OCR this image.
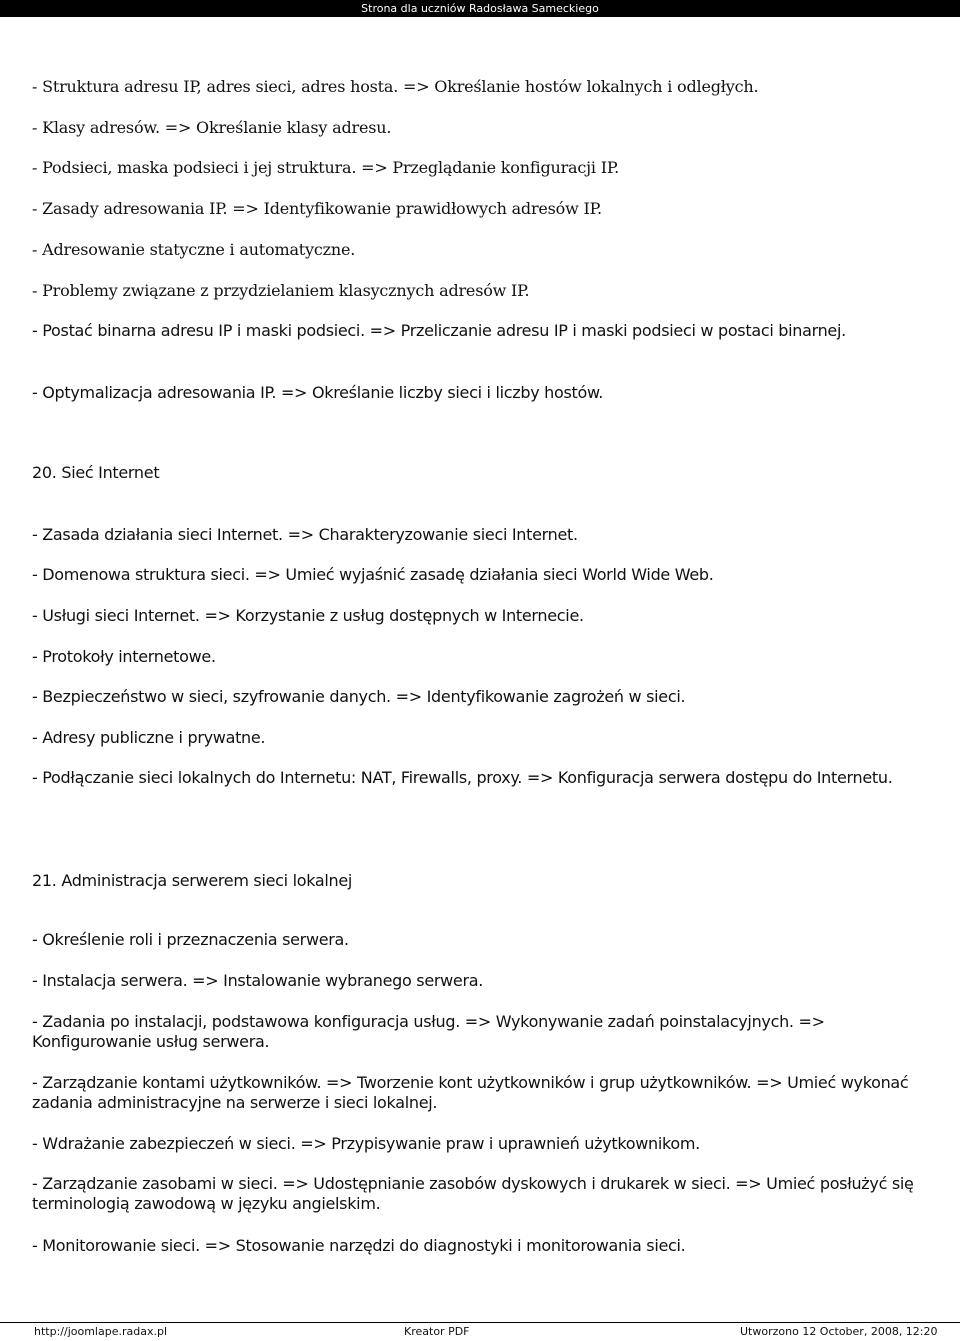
Strona dla uczniów Radosława Sameckiego
- Struktura adresu IP, adres sieci, adres hosta. => Określanie hostów lokalnych i odległych.
- Klasy adresów. => Określanie klasy adresu.
- Podsieci, maska podsieci i jej struktura. => Przeglądanie konfiguracji IP.
- Zasady adresowania IP. => Identyfikowanie prawidłowych adresów IP.
- Adresowanie statyczne i automatyczne.
- Problemy związane z przydzielaniem klasycznych adresów IP.
- Postać binarna adresu IP i maski podsieci. => Przeliczanie adresu IP i maski podsieci w postaci binarnej.
- Optymalizacja adresowania IP. => Określanie liczby sieci i liczby hostów.
20. Sieć Internet
- Zasada działania sieci Internet. => Charakteryzowanie sieci Internet.
- Domenowa struktura sieci. => Umieć wyjaśnić zasadę działania sieci World Wide Web.
- Usługi sieci Internet. => Korzystanie z usług dostępnych w Internecie.
- Protokoły internetowe.
- Bezpieczeństwo w sieci, szyfrowanie danych. => Identyfikowanie zagrożeń w sieci.
- Adresy publiczne i prywatne.
- Podłączanie sieci lokalnych do Internetu: NAT, Firewalls, proxy. => Konfiguracja serwera dostępu do Internetu.
21. Administracja serwerem sieci lokalnej
- Określenie roli i przeznaczenia serwera.
- Instalacja serwera. => Instalowanie wybranego serwera.
- Zadania po instalacji, podstawowa konfiguracja usług. => Wykonywanie zadań poinstalacyjnych. => Konfigurowanie usług serwera.
- Zarządzanie kontami użytkowników. => Tworzenie kont użytkowników i grup użytkowników. => Umieć wykonać zadania administracyjne na serwerze i sieci lokalnej.
- Wdrażanie zabezpieczeń w sieci. => Przypisywanie praw i uprawnień użytkownikom.
- Zarządzanie zasobami w sieci. => Udostępnianie zasobów dyskowych i drukarek w sieci. => Umieć posłużyć się terminologią zawodową w języku angielskim.
- Monitorowanie sieci. => Stosowanie narzędzi do diagnostyki i monitorowania sieci.
http://joomlape.radax.pl	Kreator PDF	Utworzono 12 October, 2008, 12:20
